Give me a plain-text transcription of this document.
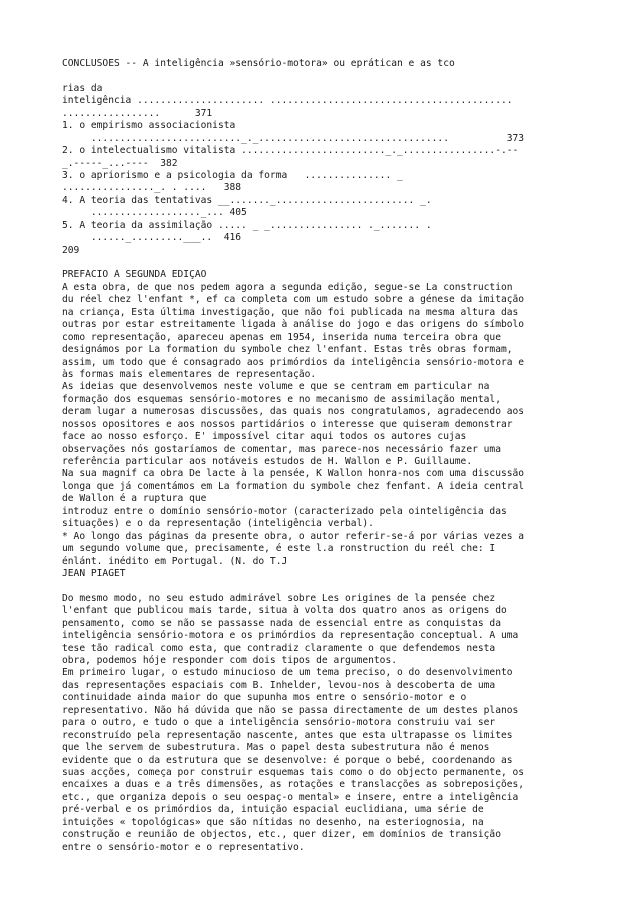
CONCLUSÕES -- A inteligência »sensório-motora» ou eprátican e as tco
rias da
inteligência ...................... ..........................................
.................      371
1. o empirismo associacionista
.........................._._.................................          373
2. o intelectualismo vitalista ........................._._................-.--
_.-----_...----  382
3. o apriorismo e a psicologia da forma   ............... _
................_. . ....   388
4. A teoria das tentativas __......._........................ _.
..................._... 405
5. A teoria da assimilação ..... _ _................ ._....... .
......_.........___..  416
209
PREFÁCIO À SEGUNDA EDIÇÃO
A esta obra, de que nos pedem agora a segunda edição, segue-se La construction
du réel chez l'enfant *, ef ca completa com um estudo sobre a génese da imitação
na criança, Esta última investigação, que não foi publicada na mesma altura das
outras por estar estreitamente ligada à análise do jogo e das origens do símbolo
como representação, apareceu apenas em 1954, inserida numa terceira obra que
designámos por La formation du symbole chez l'enfant. Estas três obras formam,
assim, um todo que é consagrado aos primórdios da inteligência sensório-motora e
às formas mais elementares de representação.
As ideias que desenvolvemos neste volume e que se centram em particular na
formação dos esquemas sensório-motores e no mecanismo de assimilação mental,
deram lugar a numerosas discussões, das quais nos congratulamos, agradecendo aos
nossos opositores e aos nossos partidários o interesse que quiseram demonstrar
face ao nosso esforço. É' impossível citar aqui todos os autores cujas
observações nós gostaríamos de comentar, mas parece-nos necessário fazer uma
referência particular aos notáveis estudos de H. Wallon e P. Guillaume.
Na sua magnif ca obra De lacte à la pensée, K Wallon honra-nos com uma discussão
longa que já comentámos em La formation du symbole chez fenfant. A ideia central
de Wallon é a ruptura que
introduz entre o domínio sensório-motor (caracterizado pela ointeligência das
situações) e o da representação (inteligência verbal).
* Ao longo das páginas da presente obra, o autor referir-se-á por várias vezes a
um segundo volume que, precisamente, é este l.a ronstruction du reél che: I
énlánt. inédito em Portugal. (N. do T.J
JEAN PIAGET
Do mesmo modo, no seu estudo admirável sobre Les origines de la pensée chez
l'enfant que publicou mais tarde, situa à volta dos quatro anos as origens do
pensamento, como se não se passasse nada de essencial entre as conquistas da
inteligência sensório-motora e os primórdios da representação conceptual. A uma
tese tão radical como esta, que contradiz claramente o que defendemos nesta
obra, podemos hóje responder com dois tipos de argumentos.
Em primeiro lugar, o estudo minucioso de um tema preciso, o do desenvolvimento
das representações espaciais com B. Inhelder, levou-nos à descoberta de uma
continuidade ainda maior do que supunha mos entre o sensório-motor e o
representativo. Não há dúvida que não se passa directamente de um destes planos
para o outro, e tudo o que a inteligência sensório-motora construiu vai ser
reconstruído pela representação nascente, antes que esta ultrapasse os limites
que lhe servem de subestrutura. Mas o papel desta subestrutura não é menos
evidente que o da estrutura que se desenvolve: é porque o bebé, coordenando as
suas acções, começa por construir esquemas tais como o do objecto permanente, os
encaixes a duas e a três dimensões, as rotações e translacções as sobreposições,
etc., que organiza depois o seu oespaç-o mental» e insere, entre a inteligência
pré-verbal e os primórdios da, intuição espacial euclidiana, uma série de
intuições « topológicas» que são nítidas no desenho, na esteriognosia, na
construção e reunião de objectos, etc., quer dizer, em domínios de transição
entre o sensório-motor e o representativo.
